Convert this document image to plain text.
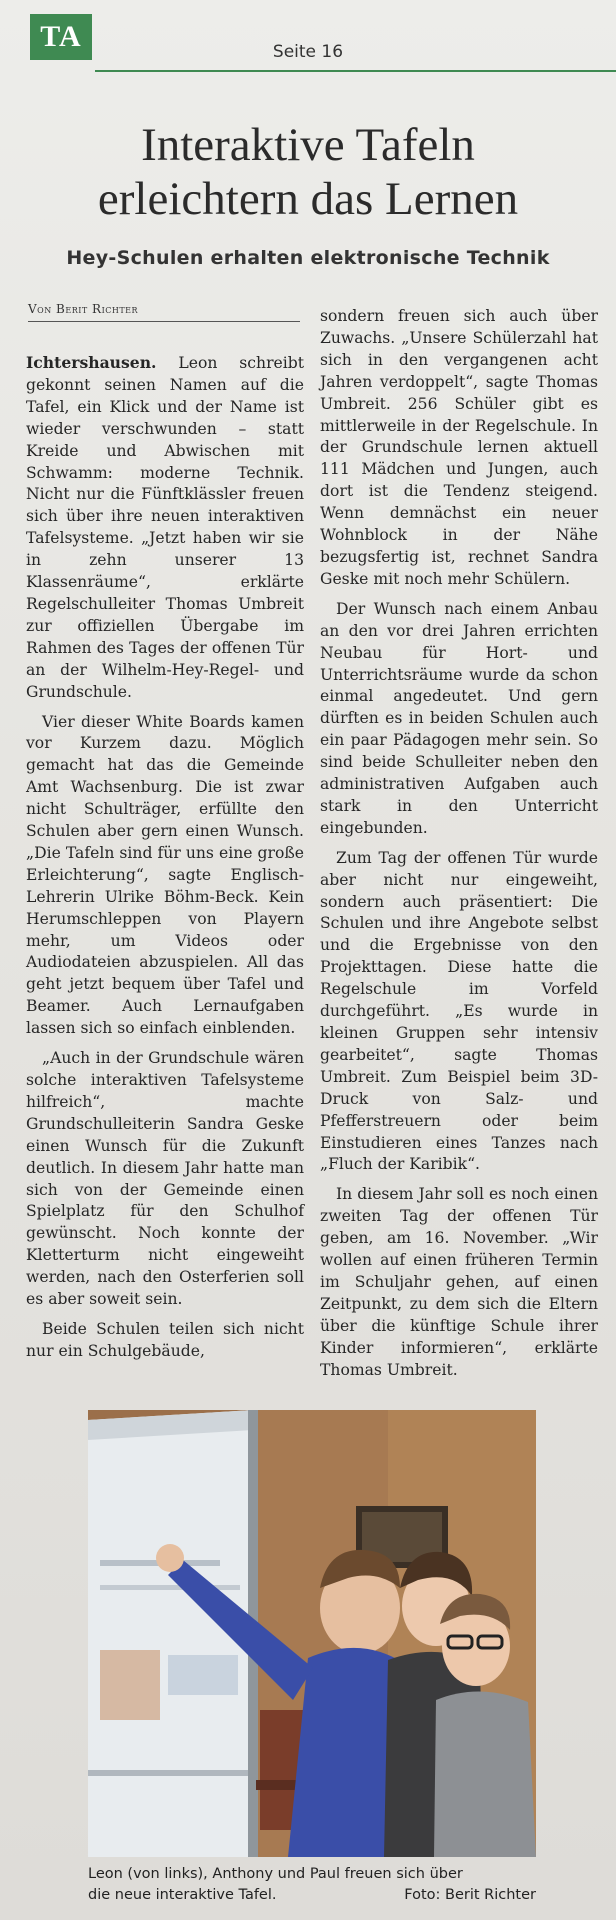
TA	Seite 16
Interaktive Tafeln
erleichtern das Lernen
Hey-Schulen erhalten elektronische Technik
Von Berit Richter

Ichtershausen. Leon schreibt gekonnt seinen Namen auf die Tafel, ein Klick und der Name ist wieder verschwunden – statt Kreide und Abwischen mit Schwamm: moderne Technik. Nicht nur die Fünftklässler freuen sich über ihre neuen interaktiven Tafelsysteme. „Jetzt haben wir sie in zehn unserer 13 Klassenräume“, erklärte Regelschulleiter Thomas Umbreit zur offiziellen Übergabe im Rahmen des Tages der offenen Tür an der Wilhelm-Hey-Regel- und Grundschule.

Vier dieser White Boards kamen vor Kurzem dazu. Möglich gemacht hat das die Gemeinde Amt Wachsenburg. Die ist zwar nicht Schulträger, erfüllte den Schulen aber gern einen Wunsch. „Die Tafeln sind für uns eine große Erleichterung“, sagte Englisch-Lehrerin Ulrike Böhm-Beck. Kein Herumschleppen von Playern mehr, um Videos oder Audiodateien abzuspielen. All das geht jetzt bequem über Tafel und Beamer. Auch Lernaufgaben lassen sich so einfach einblenden.

„Auch in der Grundschule wären solche interaktiven Tafelsysteme hilfreich“, machte Grundschulleiterin Sandra Geske einen Wunsch für die Zukunft deutlich. In diesem Jahr hatte man sich von der Gemeinde einen Spielplatz für den Schulhof gewünscht. Noch konnte der Kletterturm nicht eingeweiht werden, nach den Osterferien soll es aber soweit sein.

Beide Schulen teilen sich nicht nur ein Schulgebäude,

sondern freuen sich auch über Zuwachs. „Unsere Schülerzahl hat sich in den vergangenen acht Jahren verdoppelt“, sagte Thomas Umbreit. 256 Schüler gibt es mittlerweile in der Regelschule. In der Grundschule lernen aktuell 111 Mädchen und Jungen, auch dort ist die Tendenz steigend. Wenn demnächst ein neuer Wohnblock in der Nähe bezugsfertig ist, rechnet Sandra Geske mit noch mehr Schülern.

Der Wunsch nach einem Anbau an den vor drei Jahren errichten Neubau für Hort- und Unterrichtsräume wurde da schon einmal angedeutet. Und gern dürften es in beiden Schulen auch ein paar Pädagogen mehr sein. So sind beide Schulleiter neben den administrativen Aufgaben auch stark in den Unterricht eingebunden.

Zum Tag der offenen Tür wurde aber nicht nur eingeweiht, sondern auch präsentiert: Die Schulen und ihre Angebote selbst und die Ergebnisse von den Projekttagen. Diese hatte die Regelschule im Vorfeld durchgeführt. „Es wurde in kleinen Gruppen sehr intensiv gearbeitet“, sagte Thomas Umbreit. Zum Beispiel beim 3D-Druck von Salz- und Pfefferstreuern oder beim Einstudieren eines Tanzes nach „Fluch der Karibik“.

In diesem Jahr soll es noch einen zweiten Tag der offenen Tür geben, am 16. November. „Wir wollen auf einen früheren Termin im Schuljahr gehen, auf einen Zeitpunkt, zu dem sich die Eltern über die künftige Schule ihrer Kinder informieren“, erklärte Thomas Umbreit.

Leon (von links), Anthony und Paul freuen sich über
die neue interaktive Tafel.	Foto: Berit Richter
